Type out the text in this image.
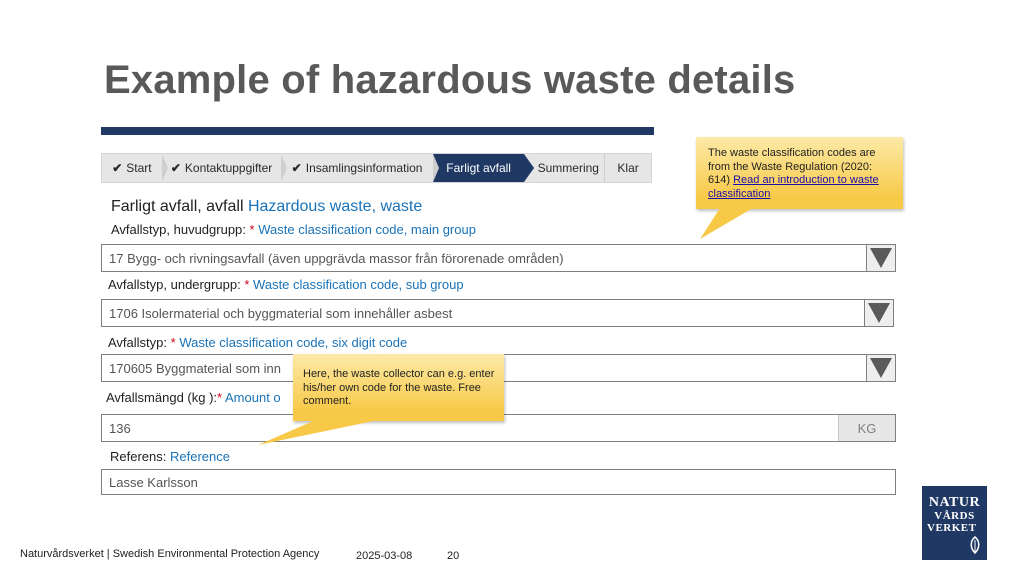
Example of hazardous waste details
✔ Start ✔ Kontaktuppgifter ✔ Insamlingsinformation Farligt avfall Summering Klar
The waste classification codes are from the Waste Regulation (2020: 614) Read an introduction to waste classification
Farligt avfall, avfall Hazardous waste, waste
Avfallstyp, huvudgrupp: * Waste classification code, main group
17 Bygg- och rivningsavfall (även uppgrävda massor från förorenade områden)
Avfallstyp, undergrupp: * Waste classification code, sub group
1706 Isolermaterial och byggmaterial som innehåller asbest
Avfallstyp: * Waste classification code, six digit code
170605 Byggmaterial som inn
Avfallsmängd (kg ):* Amount o
136	KG
Here, the waste collector can e.g. enter his/her own code for the waste. Free comment.
Referens: Reference
Lasse Karlsson
Naturvårdsverket | Swedish Environmental Protection Agency	2025-03-08	20
NATUR
VÅRDS
VERKET
